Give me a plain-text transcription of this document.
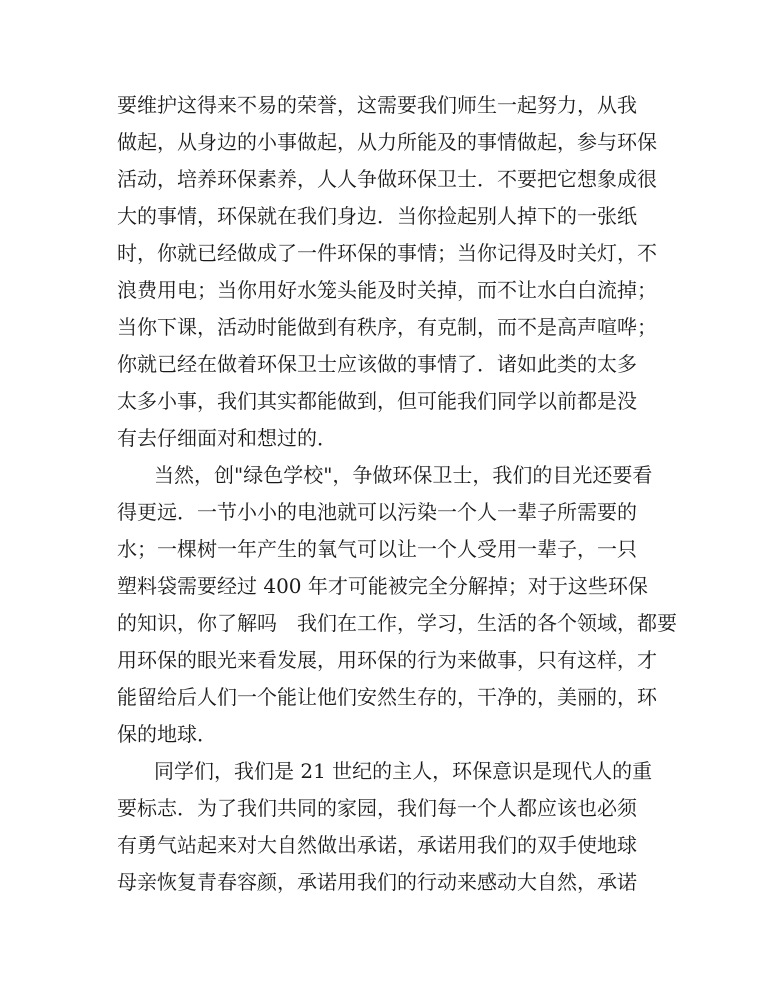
要维护这得来不易的荣誉，这需要我们师生一起努力，从我
做起，从身边的小事做起，从力所能及的事情做起，参与环保
活动，培养环保素养，人人争做环保卫士．不要把它想象成很
大的事情，环保就在我们身边．当你捡起别人掉下的一张纸
时，你就已经做成了一件环保的事情；当你记得及时关灯，不
浪费用电；当你用好水笼头能及时关掉，而不让水白白流掉；
当你下课，活动时能做到有秩序，有克制，而不是高声喧哗；
你就已经在做着环保卫士应该做的事情了．诸如此类的太多
太多小事，我们其实都能做到，但可能我们同学以前都是没
有去仔细面对和想过的．
当然，创"绿色学校"，争做环保卫士，我们的目光还要看
得更远．一节小小的电池就可以污染一个人一辈子所需要的
水；一棵树一年产生的氧气可以让一个人受用一辈子，一只
塑料袋需要经过 400 年才可能被完全分解掉；对于这些环保
的知识，你了解吗　我们在工作，学习，生活的各个领域，都要
用环保的眼光来看发展，用环保的行为来做事，只有这样，才
能留给后人们一个能让他们安然生存的，干净的，美丽的，环
保的地球．
同学们，我们是 21 世纪的主人，环保意识是现代人的重
要标志．为了我们共同的家园，我们每一个人都应该也必须
有勇气站起来对大自然做出承诺，承诺用我们的双手使地球
母亲恢复青春容颜，承诺用我们的行动来感动大自然，承诺
